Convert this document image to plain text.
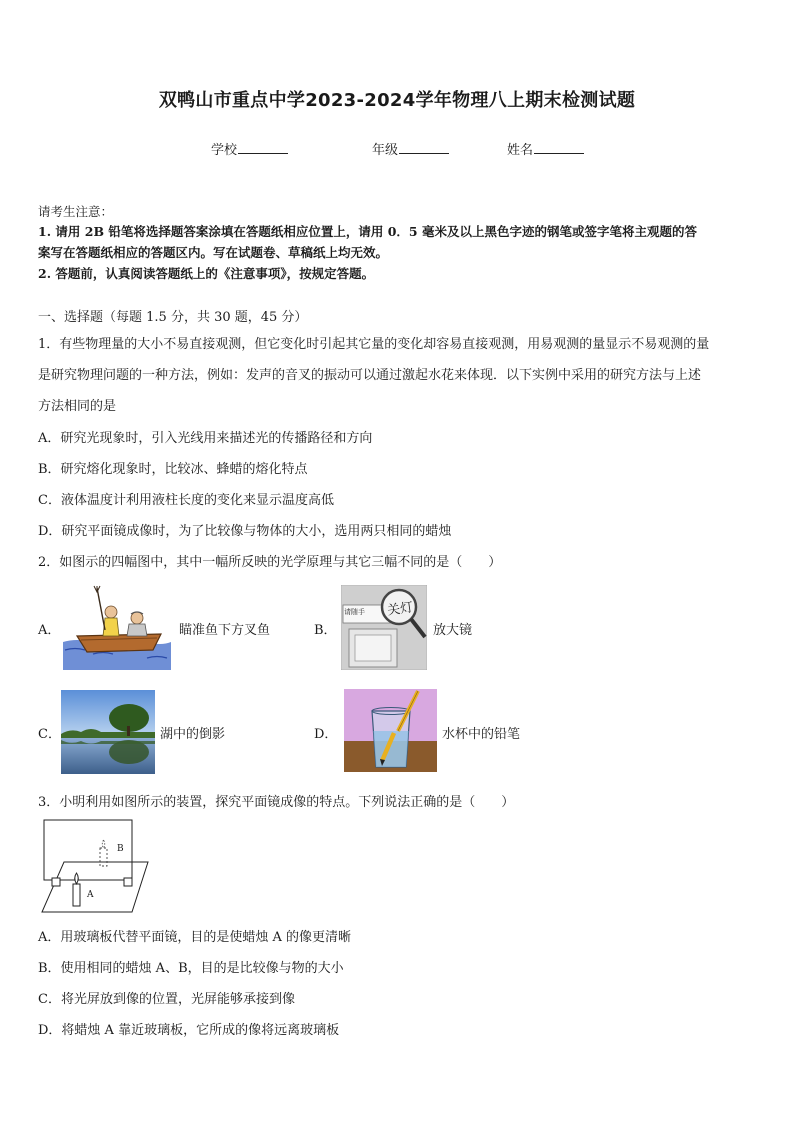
双鸭山市重点中学2023-2024学年物理八上期末检测试题
学校	年级	姓名
请考生注意：
1. 请用 2B 铅笔将选择题答案涂填在答题纸相应位置上，请用 0．5 毫米及以上黑色字迹的钢笔或签字笔将主观题的答
案写在答题纸相应的答题区内。写在试题卷、草稿纸上均无效。
2. 答题前，认真阅读答题纸上的《注意事项》，按规定答题。
一、选择题（每题 1.5 分，共 30 题，45 分）
1．有些物理量的大小不易直接观测，但它变化时引起其它量的变化却容易直接观测，用易观测的量显示不易观测的量
是研究物理问题的一种方法，例如：发声的音叉的振动可以通过激起水花来体现．以下实例中采用的研究方法与上述
方法相同的是
A．研究光现象时，引入光线用来描述光的传播路径和方向
B．研究熔化现象时，比较冰、蜂蜡的熔化特点
C．液体温度计利用液柱长度的变化来显示温度高低
D．研究平面镜成像时，为了比较像与物体的大小，选用两只相同的蜡烛
2．如图示的四幅图中，其中一幅所反映的光学原理与其它三幅不同的是（　　）
A．	瞄准鱼下方叉鱼	B．
请随手 关灯
放大镜
C．	湖中的倒影	D．	水杯中的铅笔
3．小明利用如图所示的装置，探究平面镜成像的特点。下列说法正确的是（　　）
B
A
A．用玻璃板代替平面镜，目的是使蜡烛 A 的像更清晰
B．使用相同的蜡烛 A、B，目的是比较像与物的大小
C．将光屏放到像的位置，光屏能够承接到像
D．将蜡烛 A 靠近玻璃板，它所成的像将远离玻璃板
